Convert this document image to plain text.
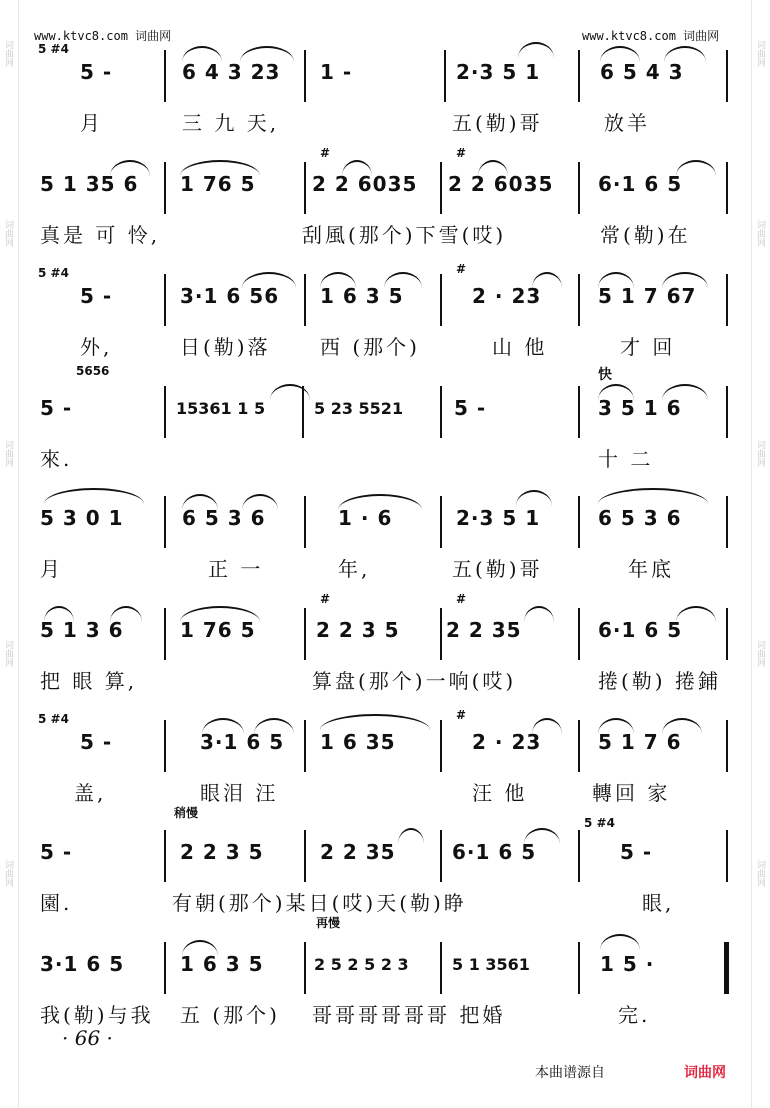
词曲网
词曲网
词曲网
词曲网
词曲网
词曲网
词曲网
词曲网
词曲网
词曲网
www.ktvc8.com 词曲网	www.ktvc8.com 词曲网
5 #4
5 -	6 4 3 23 1 -	2·3 5 1	6 5 4 3
月	三 九 天,	五(勒)哥	放羊
5 1 35 6 1 76 5
#
2 2 6035
#
2 2 6035 6·1 6 5
真是 可 怜,	刮風(那个)下雪(哎)	常(勒)在
5 #4
5 -	3·1 6 56 1 6 3 5
#
2 · 23	5 1 7 67
外,	日(勒)落 西 (那个)	山 他	才 回
5656
5 -	15361 1 5	5 23 5521	5 -
快
3 5 1 6
來.	十 二
5 3 0 1	6 5 3 6	1 · 6	2·3 5 1	6 5 3 6
月	正 一	年,	五(勒)哥	年底
5 1 3 6	1 76 5
#
2 2 3 5
#
2 2 35	6·1 6 5
把 眼 算,	算盘(那个)一响(哎)	捲(勒) 捲鋪
5 #4
5 -	3·1 6 5 1 6 35
#
2 · 23	5 1 7 6
盖,	眼泪 汪	汪 他	轉回 家
5 -
稍慢
2 2 3 5	2 2 35	6·1 6 5
5 #4
5 -
園.	有朝(那个)某日(哎)天(勒)睁	眼,
3·1 6 5	1 6 3 5
再慢
2 5 2 5 2 3	5 1 3561	1 5 ·
我(勒)与我 五 (那个) 哥哥哥哥哥哥 把婚	完.
· 66 ·
本曲谱源自	词曲网
